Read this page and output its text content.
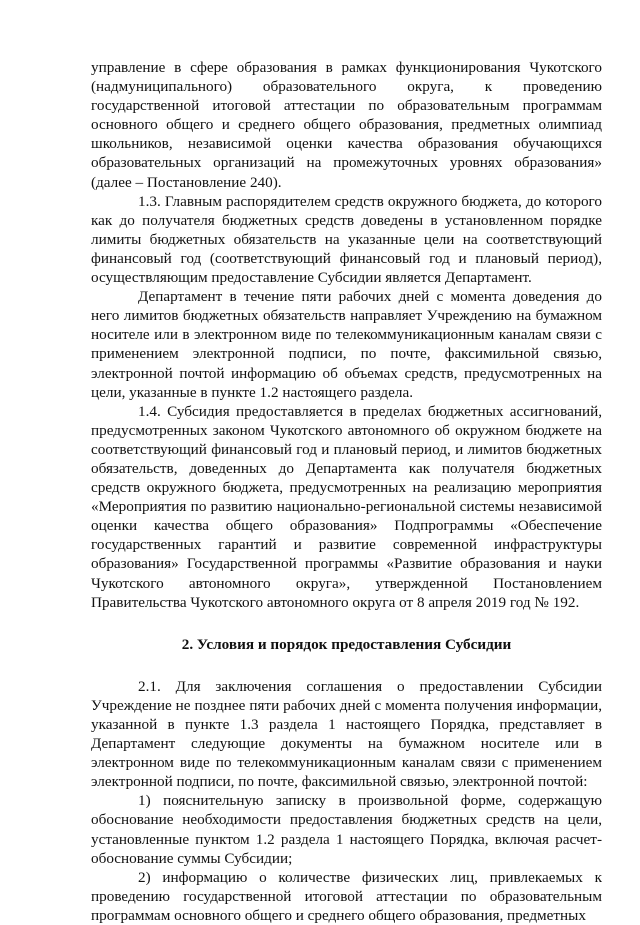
управление в сфере образования в рамках функционирования Чукотского (надмуниципального) образовательного округа, к проведению государственной итоговой аттестации по образовательным программам основного общего и среднего общего образования, предметных олимпиад школьников, независимой оценки качества образования обучающихся образовательных организаций на промежуточных уровнях образования» (далее – Постановление 240).

1.3. Главным распорядителем средств окружного бюджета, до которого как до получателя бюджетных средств доведены в установленном порядке лимиты бюджетных обязательств на указанные цели на соответствующий финансовый год (соответствующий финансовый год и плановый период), осуществляющим предоставление Субсидии является Департамент.

Департамент в течение пяти рабочих дней с момента доведения до него лимитов бюджетных обязательств направляет Учреждению на бумажном носителе или в электронном виде по телекоммуникационным каналам связи с применением электронной подписи, по почте, факсимильной связью, электронной почтой информацию об объемах средств, предусмотренных на цели, указанные в пункте 1.2 настоящего раздела.

1.4. Субсидия предоставляется в пределах бюджетных ассигнований, предусмотренных законом Чукотского автономного об окружном бюджете на соответствующий финансовый год и плановый период, и лимитов бюджетных обязательств, доведенных до Департамента как получателя бюджетных средств окружного бюджета, предусмотренных на реализацию мероприятия «Мероприятия по развитию национально-региональной системы независимой оценки качества общего образования» Подпрограммы «Обеспечение государственных гарантий и развитие современной инфраструктуры образования» Государственной программы «Развитие образования и науки Чукотского автономного округа», утвержденной Постановлением Правительства Чукотского автономного округа от 8 апреля 2019 год № 192.

2. Условия и порядок предоставления Субсидии

2.1. Для заключения соглашения о предоставлении Субсидии Учреждение не позднее пяти рабочих дней с момента получения информации, указанной в пункте 1.3 раздела 1 настоящего Порядка, представляет в Департамент следующие документы на бумажном носителе или в электронном виде по телекоммуникационным каналам связи с применением электронной подписи, по почте, факсимильной связью, электронной почтой:

1) пояснительную записку в произвольной форме, содержащую обоснование необходимости предоставления бюджетных средств на цели, установленные пунктом 1.2 раздела 1 настоящего Порядка, включая расчет-обоснование суммы Субсидии;

2) информацию о количестве физических лиц, привлекаемых к проведению государственной итоговой аттестации по образовательным программам основного общего и среднего общего образования, предметных
